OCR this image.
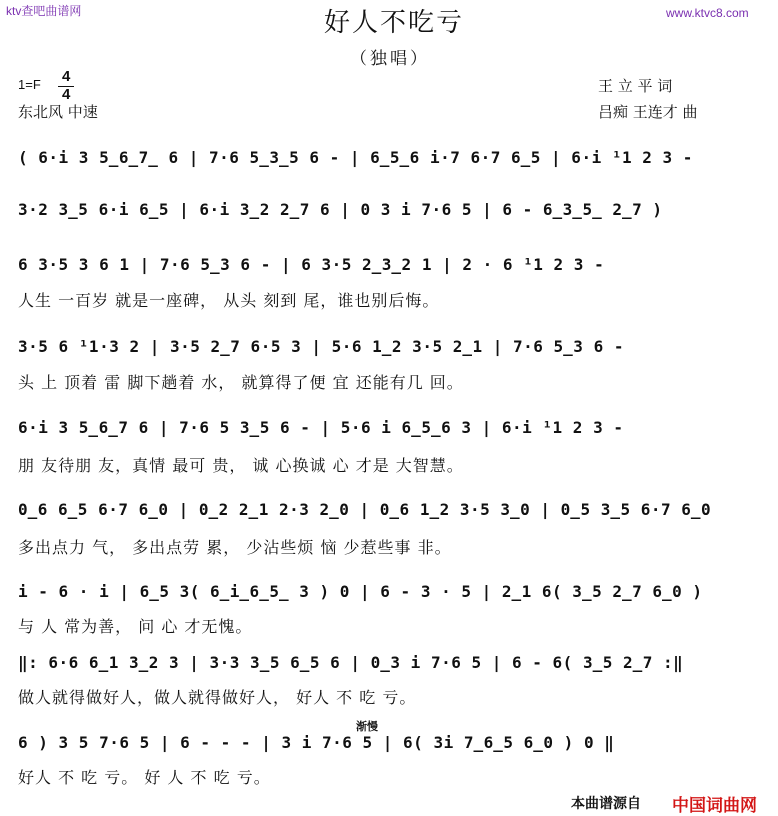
ktv查吧曲谱网	www.ktvc8.com
好人不吃亏
（独唱）
1=F 4
4
东北风 中速
王 立 平 词
吕痴 王连才 曲
( 6·i 3 5̲6̲7̲ 6 | 7·6 5̲3̲5 6 - | 6̲5̲6 i·7 6·7 6̲5 | 6·i ¹1 2 3 -
3·2 3̲5 6·i 6̲5 | 6·i 3̲2 2̲7 6 | 0 3 i 7·6 5 | 6 - 6̲3̲5̲ 2̲7 )
6 3·5 3 6 1 | 7·6 5̲3 6 - | 6 3·5 2̲3̲2 1 | 2 · 6 ¹1 2 3 -
人生 一百岁 就是一座碑， 从头 刻到 尾，谁也别后悔。
3·5 6 ¹1·3 2 | 3·5 2̲7 6·5 3 | 5·6 1̲2 3·5 2̲1 | 7·6 5̲3 6 -
头 上 顶着 雷 脚下趟着 水， 就算得了便 宜 还能有几 回。
6·i 3 5̲6̲7 6 | 7·6 5 3̲5 6 - | 5·6 i 6̲5̲6 3 | 6·i ¹1 2 3 -
朋 友待朋 友，真情 最可 贵， 诚 心换诚 心 才是 大智慧。
0̲6 6̲5 6·7 6̲0 | 0̲2 2̲1 2·3 2̲0 | 0̲6 1̲2 3·5 3̲0 | 0̲5 3̲5 6·7 6̲0
多出点力 气， 多出点劳 累， 少沾些烦 恼 少惹些事 非。
i - 6 · i | 6̲5 3( 6̲i̲6̲5̲ 3 ) 0 | 6 - 3 · 5 | 2̲1 6( 3̲5 2̲7 6̲0 )
与 人 常为善， 问 心 才无愧。
‖: 6·6 6̲1 3̲2 3 | 3·3 3̲5 6̲5 6 | 0̲3 i 7·6 5 | 6 - 6( 3̲5 2̲7 :‖
做人就得做好人，做人就得做好人， 好人 不 吃 亏。
渐慢
6 ) 3 5 7·6 5 | 6 - - - | 3 i 7·6 5 | 6( 3i 7̲6̲5 6̲0 ) 0 ‖
好人 不 吃 亏。 好 人 不 吃 亏。
本曲谱源自 中国词曲网
